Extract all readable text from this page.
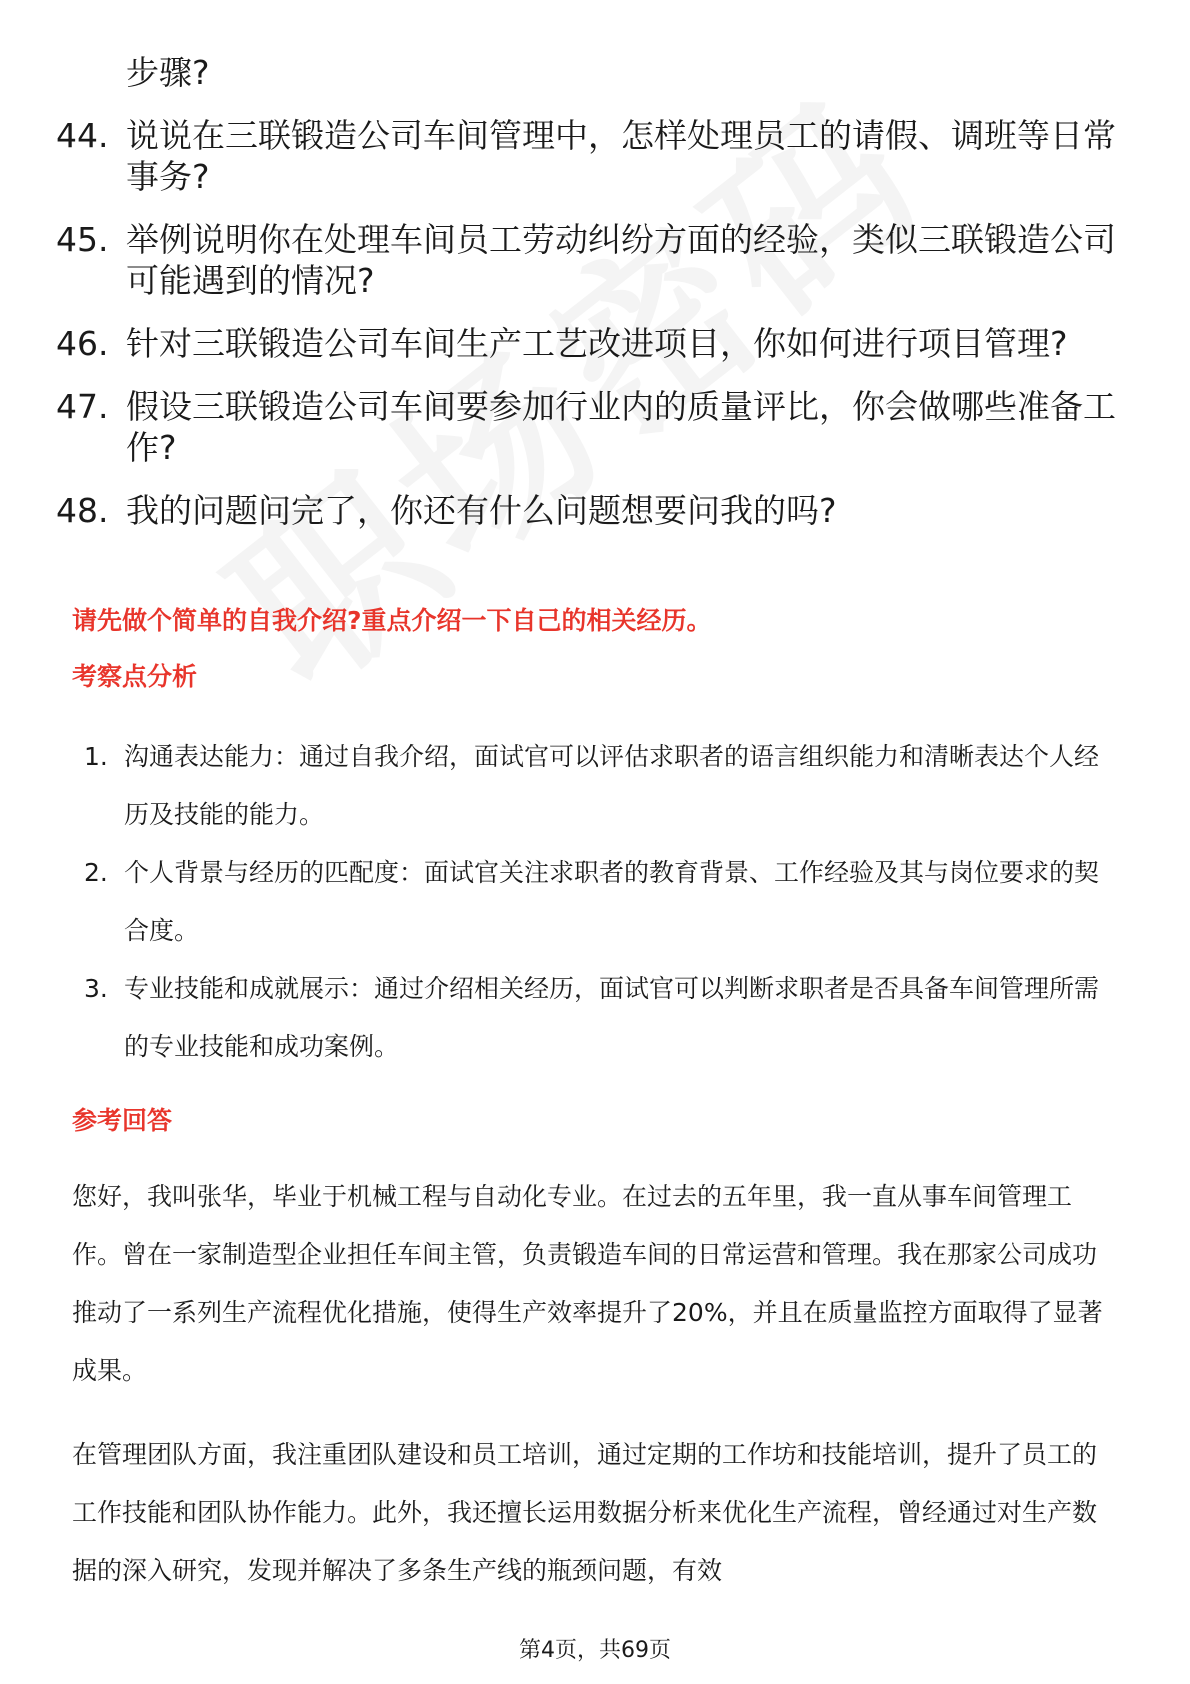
步骤?
44. 说说在三联锻造公司车间管理中，怎样处理员工的请假、调班等日常事务?
45. 举例说明你在处理车间员工劳动纠纷方面的经验，类似三联锻造公司可能遇到的情况?
46. 针对三联锻造公司车间生产工艺改进项目，你如何进行项目管理?
47. 假设三联锻造公司车间要参加行业内的质量评比，你会做哪些准备工作?
48. 我的问题问完了，你还有什么问题想要问我的吗?
请先做个简单的自我介绍?重点介绍一下自己的相关经历。
考察点分析
1. 沟通表达能力：通过自我介绍，面试官可以评估求职者的语言组织能力和清晰表达个人经历及技能的能力。
2. 个人背景与经历的匹配度：面试官关注求职者的教育背景、工作经验及其与岗位要求的契合度。
3. 专业技能和成就展示：通过介绍相关经历，面试官可以判断求职者是否具备车间管理所需的专业技能和成功案例。
参考回答

您好，我叫张华，毕业于机械工程与自动化专业。在过去的五年里，我一直从事车间管理工作。曾在一家制造型企业担任车间主管，负责锻造车间的日常运营和管理。我在那家公司成功推动了一系列生产流程优化措施，使得生产效率提升了20%，并且在质量监控方面取得了显著成果。

在管理团队方面，我注重团队建设和员工培训，通过定期的工作坊和技能培训，提升了员工的工作技能和团队协作能力。此外，我还擅长运用数据分析来优化生产流程，曾经通过对生产数据的深入研究，发现并解决了多条生产线的瓶颈问题，有效

第4页，共69页
